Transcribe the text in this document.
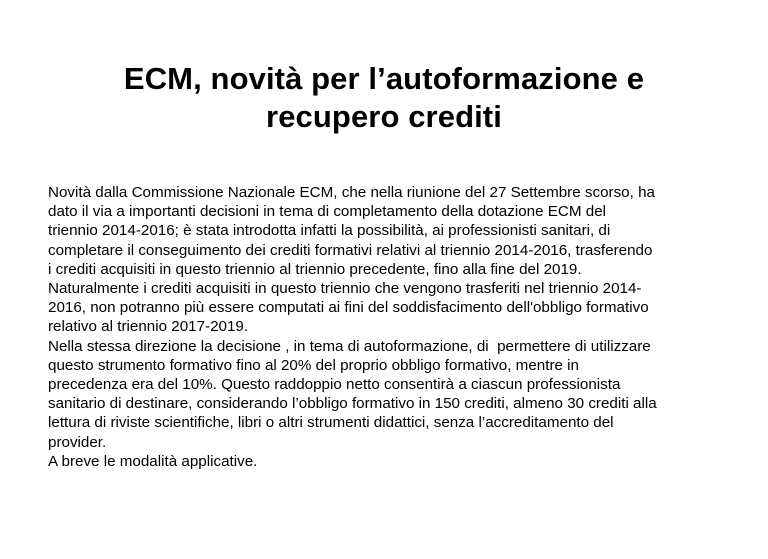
ECM, novità per l’autoformazione e
recupero crediti
Novità dalla Commissione Nazionale ECM, che nella riunione del 27 Settembre scorso, ha
dato il via a importanti decisioni in tema di completamento della dotazione ECM del
triennio 2014-2016; è stata introdotta infatti la possibilità, ai professionisti sanitari, di
completare il conseguimento dei crediti formativi relativi al triennio 2014-2016, trasferendo
i crediti acquisiti in questo triennio al triennio precedente, fino alla fine del 2019.
Naturalmente i crediti acquisiti in questo triennio che vengono trasferiti nel triennio 2014-
2016, non potranno più essere computati ai fini del soddisfacimento dell'obbligo formativo
relativo al triennio 2017-2019.
Nella stessa direzione la decisione , in tema di autoformazione, di  permettere di utilizzare
questo strumento formativo fino al 20% del proprio obbligo formativo, mentre in
precedenza era del 10%. Questo raddoppio netto consentirà a ciascun professionista
sanitario di destinare, considerando l’obbligo formativo in 150 crediti, almeno 30 crediti alla
lettura di riviste scientifiche, libri o altri strumenti didattici, senza l’accreditamento del
provider.
A breve le modalità applicative.
